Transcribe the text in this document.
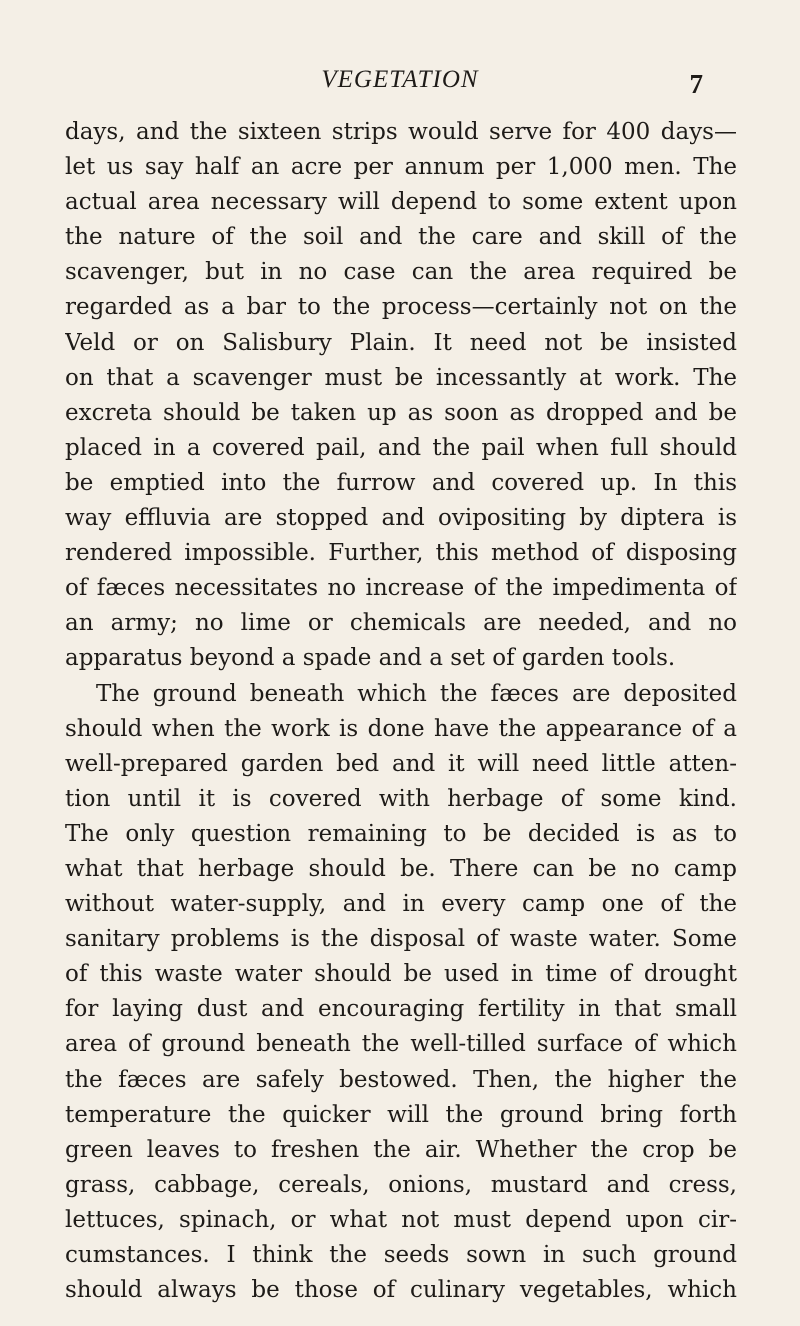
VEGETATION	7
days, and the sixteen strips would serve for 400 days—
let us say half an acre per annum per 1,000 men. The
actual area necessary will depend to some extent upon
the nature of the soil and the care and skill of the
scavenger, but in no case can the area required be
regarded as a bar to the process—certainly not on the
Veld or on Salisbury Plain. It need not be insisted
on that a scavenger must be incessantly at work. The
excreta should be taken up as soon as dropped and be
placed in a covered pail, and the pail when full should
be emptied into the furrow and covered up. In this
way effluvia are stopped and ovipositing by diptera is
rendered impossible. Further, this method of disposing
of fæces necessitates no increase of the impedimenta of
an army; no lime or chemicals are needed, and no
apparatus beyond a spade and a set of garden tools.
The ground beneath which the fæces are deposited
should when the work is done have the appearance of a
well-prepared garden bed and it will need little atten-
tion until it is covered with herbage of some kind.
The only question remaining to be decided is as to
what that herbage should be. There can be no camp
without water-supply, and in every camp one of the
sanitary problems is the disposal of waste water. Some
of this waste water should be used in time of drought
for laying dust and encouraging fertility in that small
area of ground beneath the well-tilled surface of which
the fæces are safely bestowed. Then, the higher the
temperature the quicker will the ground bring forth
green leaves to freshen the air. Whether the crop be
grass, cabbage, cereals, onions, mustard and cress,
lettuces, spinach, or what not must depend upon cir-
cumstances. I think the seeds sown in such ground
should always be those of culinary vegetables, which
